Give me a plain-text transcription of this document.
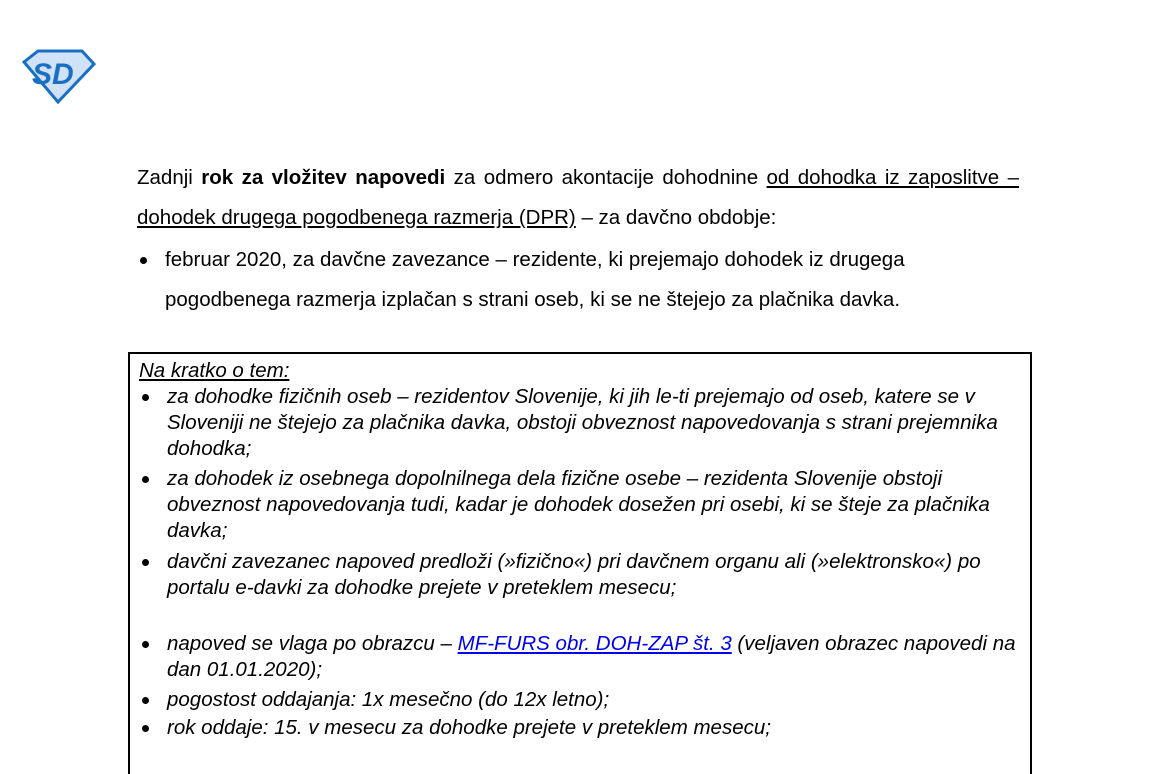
SD
Zadnji rok za vložitev napovedi za odmero akontacije dohodnine od dohodka iz zaposlitve – dohodek drugega pogodbenega razmerja (DPR) – za davčno obdobje:
februar 2020, za davčne zavezance – rezidente, ki prejemajo dohodek iz drugega pogodbenega razmerja izplačan s strani oseb, ki se ne štejejo za plačnika davka.
Na kratko o tem:
za dohodke fizičnih oseb – rezidentov Slovenije, ki jih le-ti prejemajo od oseb, katere se v Sloveniji ne štejejo za plačnika davka, obstoji obveznost napovedovanja s strani prejemnika dohodka;
za dohodek iz osebnega dopolnilnega dela fizične osebe – rezidenta Slovenije obstoji obveznost napovedovanja tudi, kadar je dohodek dosežen pri osebi, ki se šteje za plačnika davka;
davčni zavezanec napoved predloži (»fizično«) pri davčnem organu ali (»elektronsko«) po portalu e-davki za dohodke prejete v preteklem mesecu;
napoved se vlaga po obrazcu – MF-FURS obr. DOH-ZAP št. 3 (veljaven obrazec napovedi na dan 01.01.2020);
pogostost oddajanja: 1x mesečno (do 12x letno);
rok oddaje: 15. v mesecu za dohodke prejete v preteklem mesecu;
